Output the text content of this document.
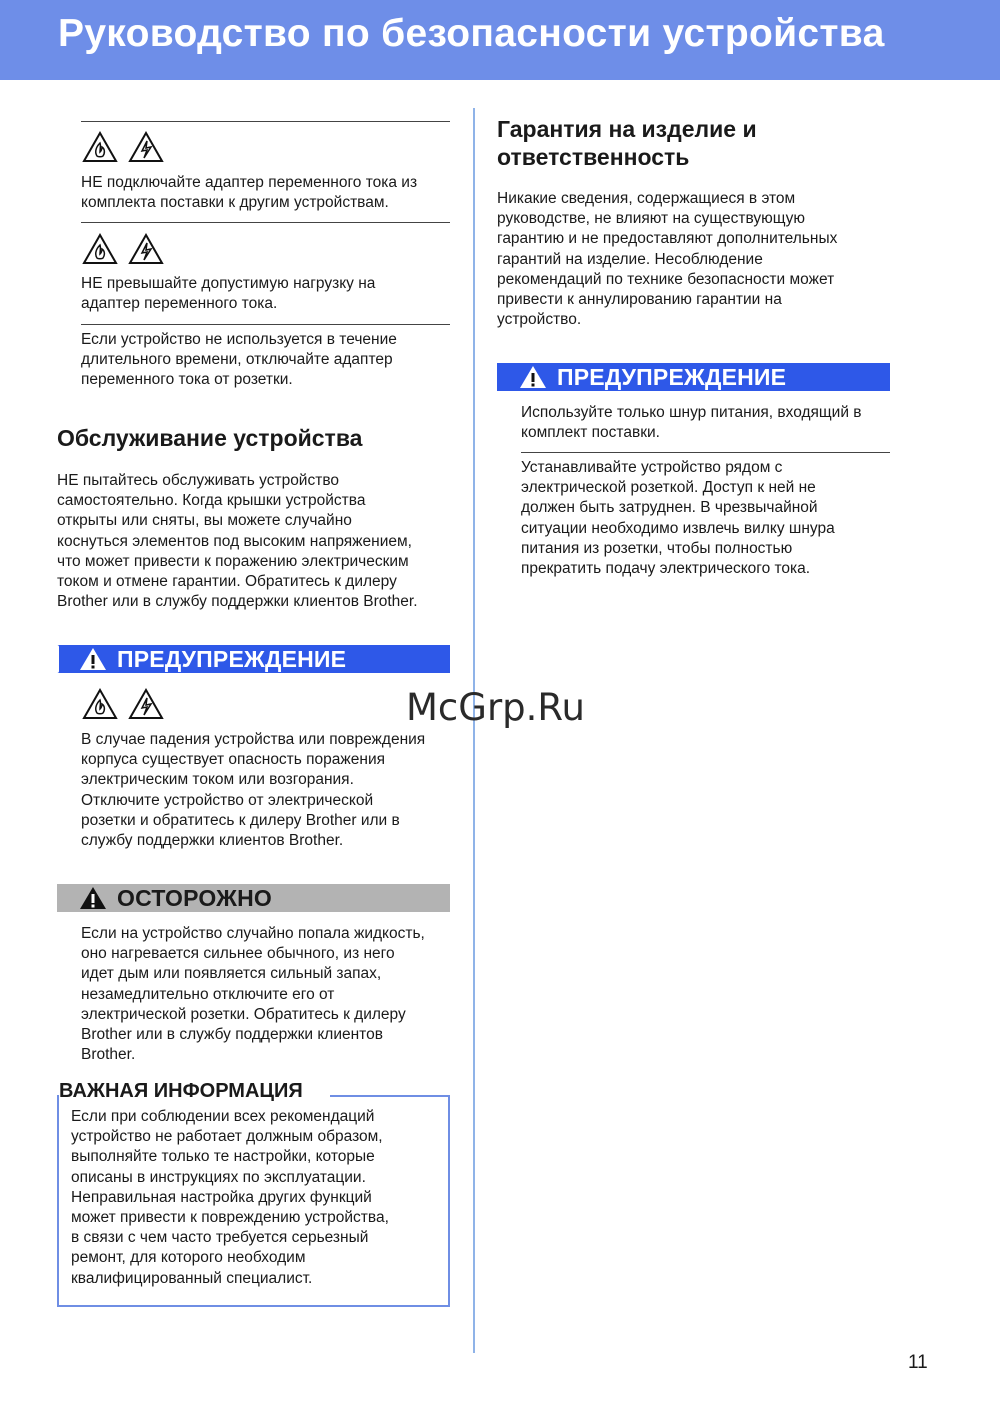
Руководство по безопасности устройства

НЕ подключайте адаптер переменного тока из

комплекта поставки к другим устройствам.

НЕ превышайте допустимую нагрузку на

адаптер переменного тока.

Если устройство не используется в течение

длительного времени, отключайте адаптер

переменного тока от розетки.

Обслуживание устройства

НЕ пытайтесь обслуживать устройство

самостоятельно. Когда крышки устройства

открыты или сняты, вы можете случайно

коснуться элементов под высоким напряжением,

что может привести к поражению электрическим

током и отмене гарантии. Обратитесь к дилеру

Brother или в службу поддержки клиентов Brother.

ПРЕДУПРЕЖДЕНИЕ

В случае падения устройства или повреждения

корпуса существует опасность поражения

электрическим током или возгорания.

Отключите устройство от электрической

розетки и обратитесь к дилеру Brother или в

службу поддержки клиентов Brother.

ОСТОРОЖНО

Если на устройство случайно попала жидкость,

оно нагревается сильнее обычного, из него

идет дым или появляется сильный запах,

незамедлительно отключите его от

электрической розетки. Обратитесь к дилеру

Brother или в службу поддержки клиентов

Brother.

ВАЖНАЯ ИНФОРМАЦИЯ

Если при соблюдении всех рекомендаций

устройство не работает должным образом,

выполняйте только те настройки, которые

описаны в инструкциях по эксплуатации.

Неправильная настройка других функций

может привести к повреждению устройства,

в связи с чем часто требуется серьезный

ремонт, для которого необходим

квалифицированный специалист.

Гарантия на изделие и

ответственность

Никакие сведения, содержащиеся в этом

руководстве, не влияют на существующую

гарантию и не предоставляют дополнительных

гарантий на изделие. Несоблюдение

рекомендаций по технике безопасности может

привести к аннулированию гарантии на

устройство.

ПРЕДУПРЕЖДЕНИЕ

Используйте только шнур питания, входящий в

комплект поставки.

Устанавливайте устройство рядом с

электрической розеткой. Доступ к ней не

должен быть затруднен. В чрезвычайной

ситуации необходимо извлечь вилку шнура

питания из розетки, чтобы полностью

прекратить подачу электрического тока.

McGrp.Ru
11
